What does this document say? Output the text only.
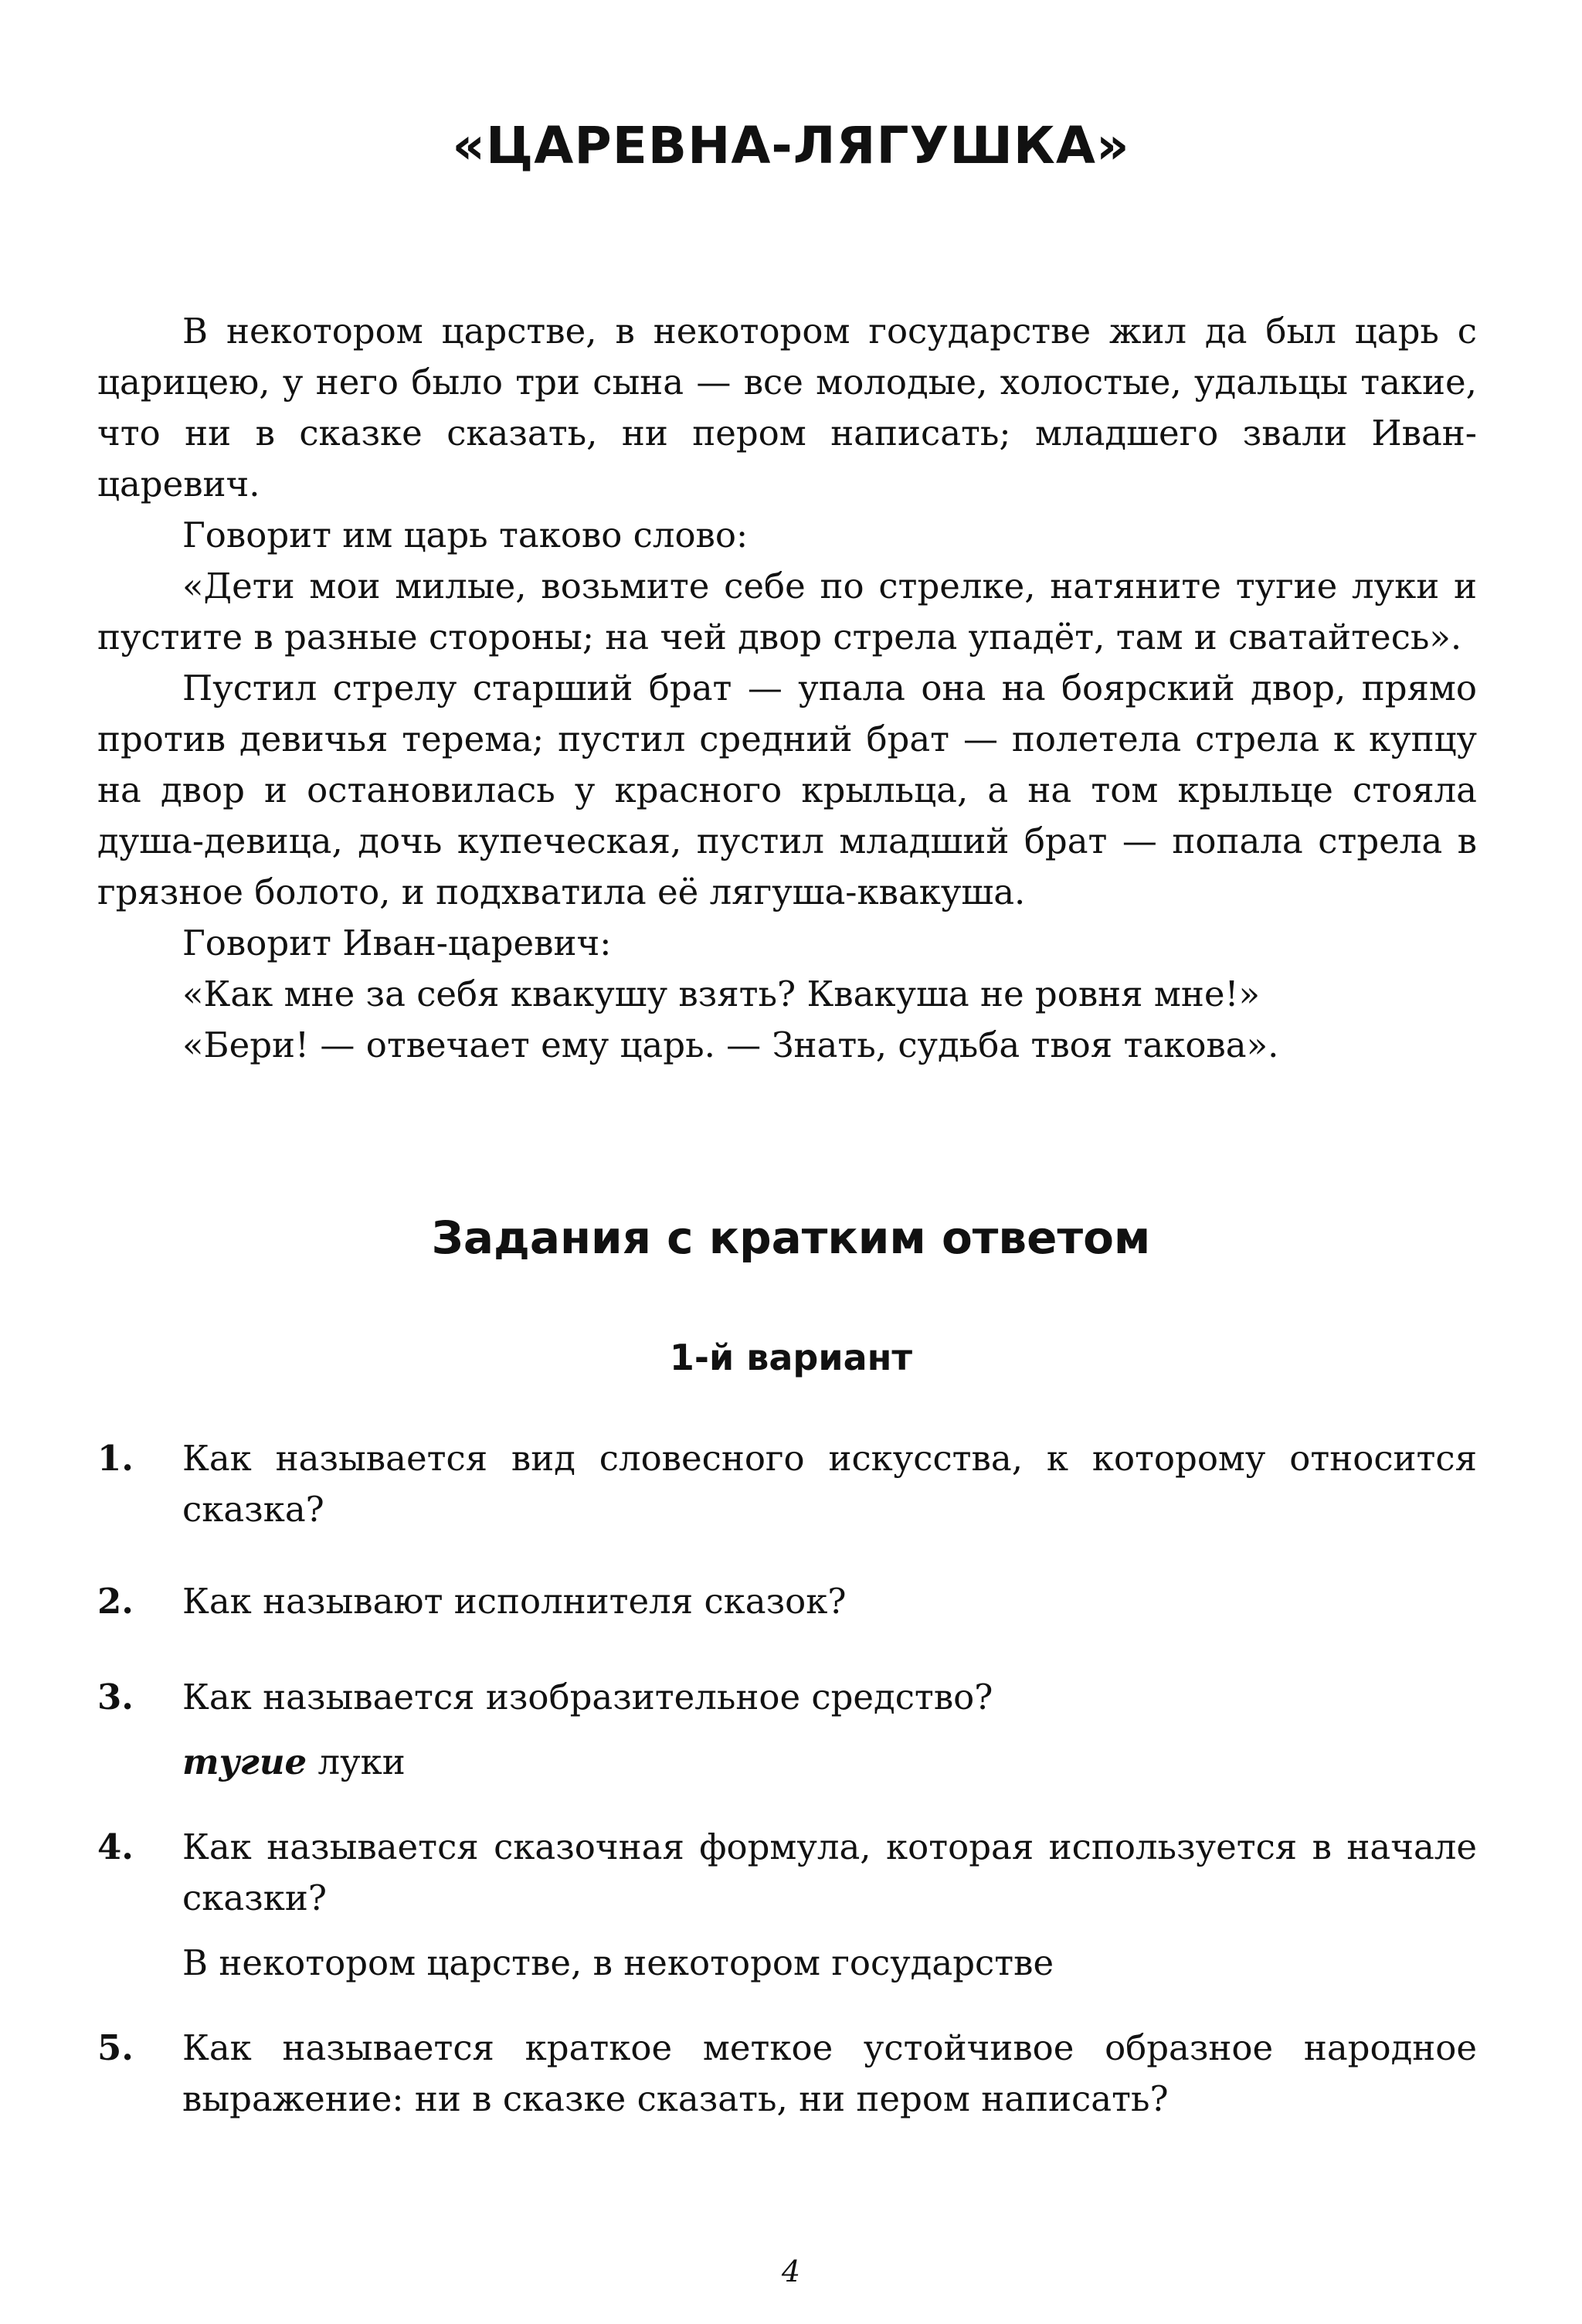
«ЦАРЕВНА-ЛЯГУШКА»

В некотором царстве, в некотором государстве жил да был царь с царицею, у него было три сына — все молодые, холостые, удальцы такие, что ни в сказке сказать, ни пером написать; младшего звали Иван-царевич.

Говорит им царь таково слово:

«Дети мои милые, возьмите себе по стрелке, натяните тугие луки и пустите в разные стороны; на чей двор стрела упадёт, там и сватайтесь».

Пустил стрелу старший брат — упала она на боярский двор, прямо против девичья терема; пустил средний брат — полетела стрела к купцу на двор и остановилась у красного крыльца, а на том крыльце стояла душа-девица, дочь купеческая, пустил младший брат — попала стрела в грязное болото, и подхватила её лягуша-квакуша.

Говорит Иван-царевич:

«Как мне за себя квакушу взять? Квакуша не ровня мне!»

«Бери! — отвечает ему царь. — Знать, судьба твоя такова».

Задания с кратким ответом
1-й вариант
1.	Как называется вид словесного искусства, к которому относится сказка?
2.	Как называют исполнителя сказок?
3.	Как называется изобразительное средство?
тугие луки
4.	Как называется сказочная формула, которая используется в начале сказки?
В некотором царстве, в некотором государстве
5.	Как называется краткое меткое устойчивое образное народное выражение: ни в сказке сказать, ни пером написать?
4
